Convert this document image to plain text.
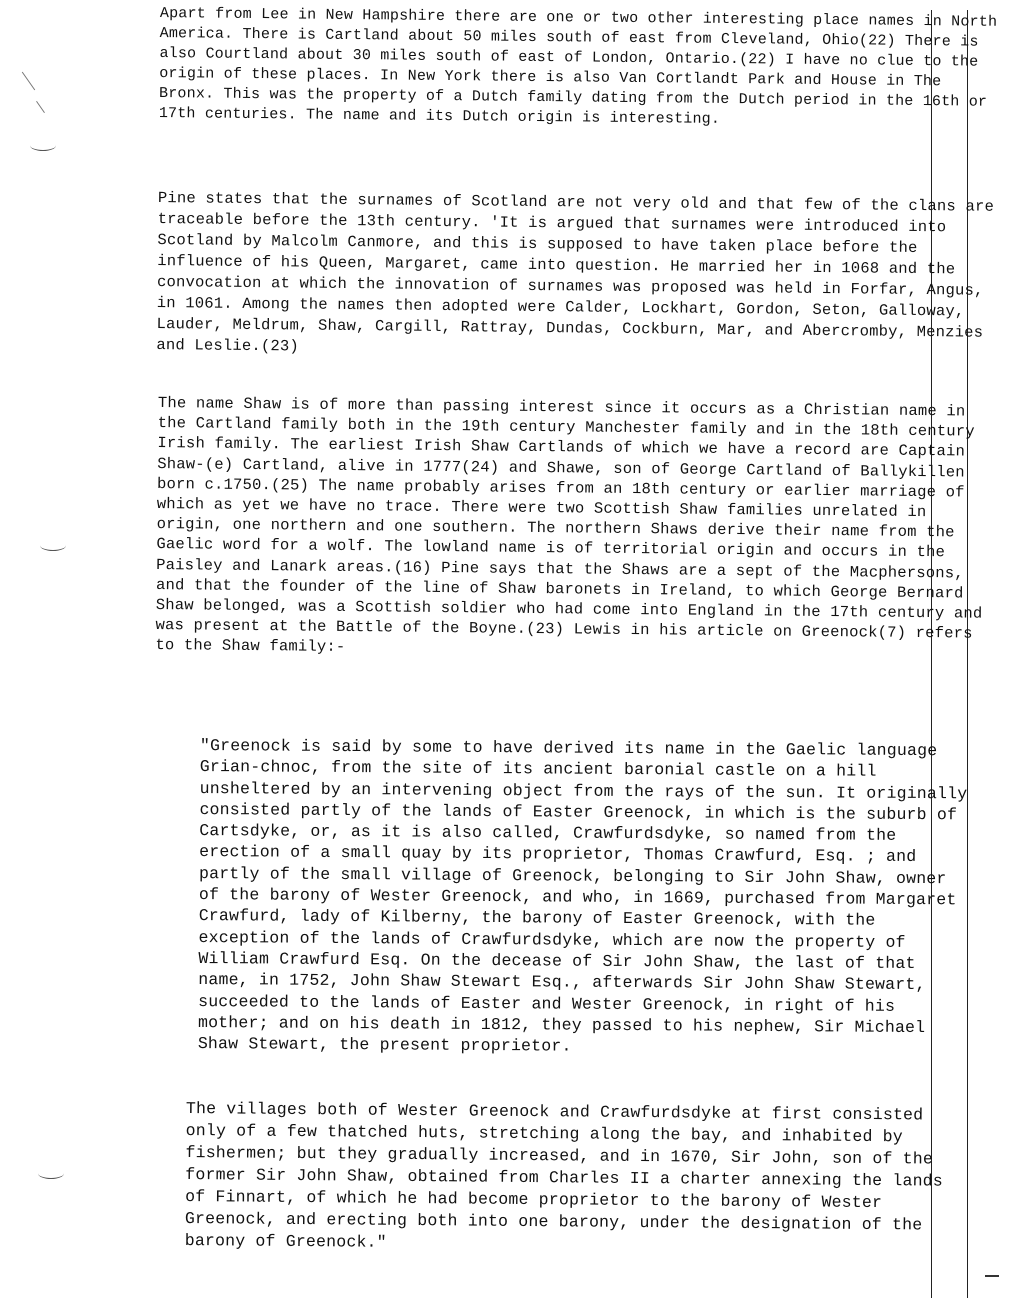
Apart from Lee in New Hampshire there are one or two other interesting place names in North America. There is Cartland about 50 miles south of east from Cleveland, Ohio(22) There is also Courtland about 30 miles south of east of London, Ontario.(22) I have no clue to the origin of these places. In New York there is also Van Cortlandt Park and House in The Bronx. This was the property of a Dutch family dating from the Dutch period in the 16th or 17th centuries. The name and its Dutch origin is interesting.

Pine states that the surnames of Scotland are not very old and that few of the clans are traceable before the 13th century. 'It is argued that surnames were introduced into Scotland by Malcolm Canmore, and this is supposed to have taken place before the influence of his Queen, Margaret, came into question. He married her in 1068 and the convocation at which the innovation of surnames was proposed was held in Forfar, Angus, in 1061. Among the names then adopted were Calder, Lockhart, Gordon, Seton, Galloway, Lauder, Meldrum, Shaw, Cargill, Rattray, Dundas, Cockburn, Mar, and Abercromby, Menzies and Leslie.(23)

The name Shaw is of more than passing interest since it occurs as a Christian name in the Cartland family both in the 19th century Manchester family and in the 18th century Irish family. The earliest Irish Shaw Cartlands of which we have a record are Captain Shaw-(e) Cartland, alive in 1777(24) and Shawe, son of George Cartland of Ballykillen born c.1750.(25) The name probably arises from an 18th century or earlier marriage of which as yet we have no trace. There were two Scottish Shaw families unrelated in origin, one northern and one southern. The northern Shaws derive their name from the Gaelic word for a wolf. The lowland name is of territorial origin and occurs in the Paisley and Lanark areas.(16) Pine says that the Shaws are a sept of the Macphersons, and that the founder of the line of Shaw baronets in Ireland, to which George Bernard Shaw belonged, was a Scottish soldier who had come into England in the 17th century and was present at the Battle of the Boyne.(23) Lewis in his article on Greenock(7) refers to the Shaw family:-

"Greenock is said by some to have derived its name in the Gaelic language Grian-chnoc, from the site of its ancient baronial castle on a hill unsheltered by an intervening object from the rays of the sun. It originally consisted partly of the lands of Easter Greenock, in which is the suburb of Cartsdyke, or, as it is also called, Crawfurdsdyke, so named from the erection of a small quay by its proprietor, Thomas Crawfurd, Esq. ; and partly of the small village of Greenock, belonging to Sir John Shaw, owner of the barony of Wester Greenock, and who, in 1669, purchased from Margaret Crawfurd, lady of Kilberny, the barony of Easter Greenock, with the exception of the lands of Crawfurdsdyke, which are now the property of William Crawfurd Esq. On the decease of Sir John Shaw, the last of that name, in 1752, John Shaw Stewart Esq., afterwards Sir John Shaw Stewart, succeeded to the lands of Easter and Wester Greenock, in right of his mother; and on his death in 1812, they passed to his nephew, Sir Michael Shaw Stewart, the present proprietor.

The villages both of Wester Greenock and Crawfurdsdyke at first consisted only of a few thatched huts, stretching along the bay, and inhabited by fishermen; but they gradually increased, and in 1670, Sir John, son of the former Sir John Shaw, obtained from Charles II a charter annexing the lands of Finnart, of which he had become proprietor to the barony of Wester Greenock, and erecting both into one barony, under the designation of the barony of Greenock."
